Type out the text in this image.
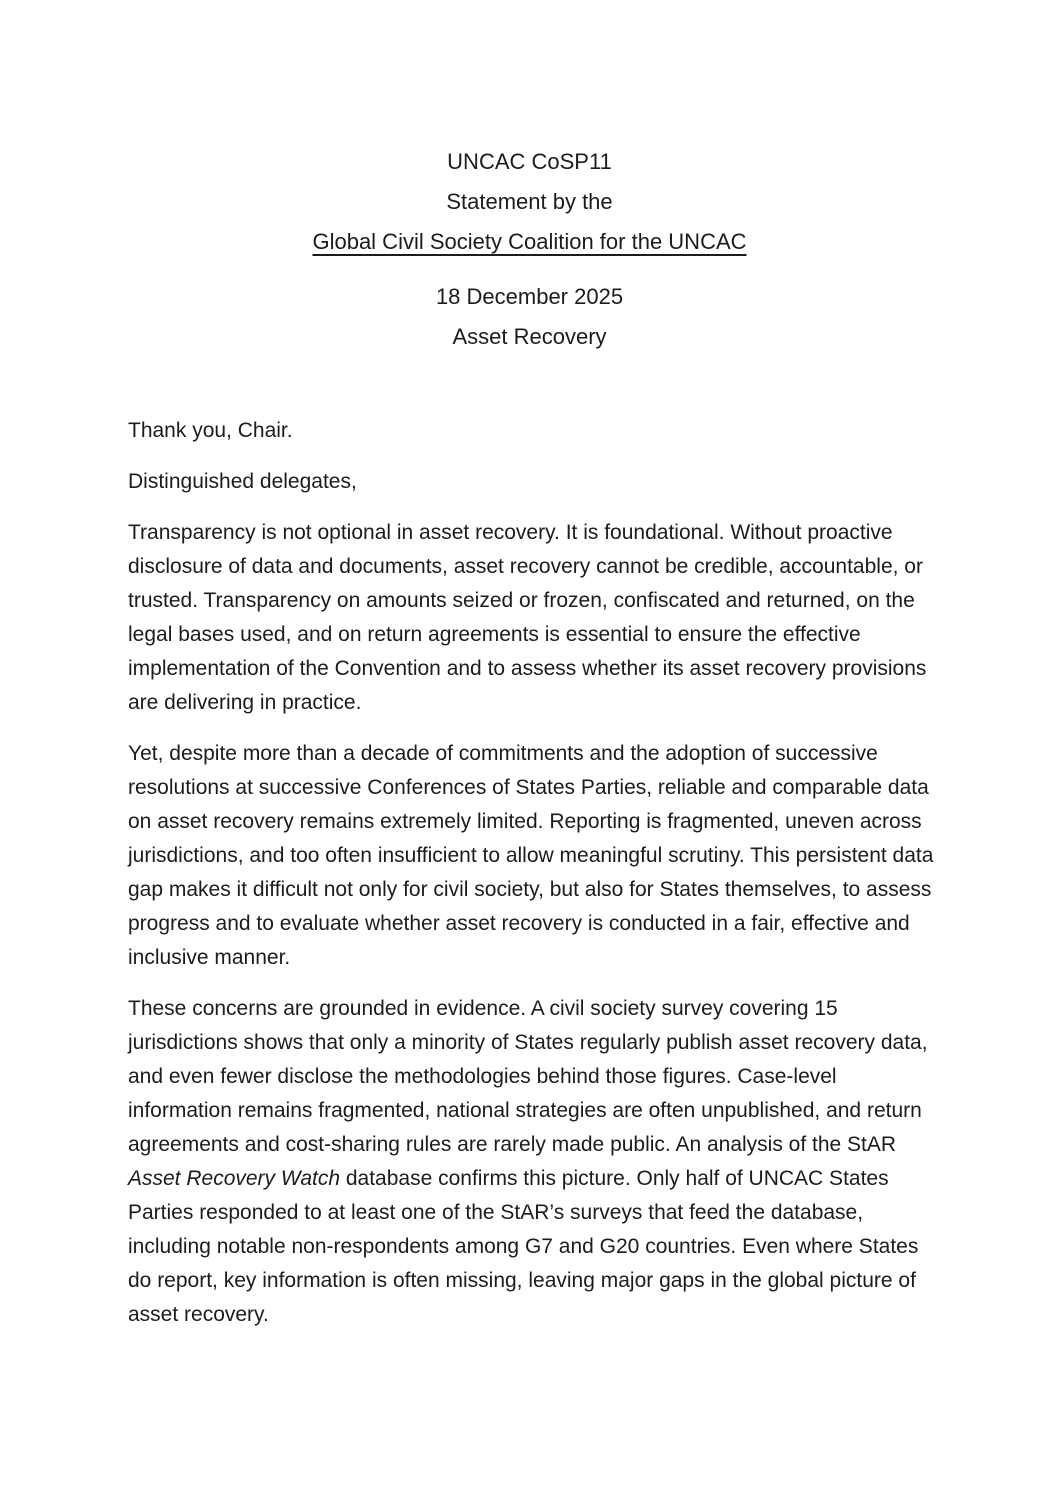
UNCAC CoSP11

Statement by the

Global Civil Society Coalition for the UNCAC

18 December 2025

Asset Recovery

Thank you, Chair.

Distinguished delegates,

Transparency is not optional in asset recovery. It is foundational. Without proactive disclosure of data and documents, asset recovery cannot be credible, accountable, or trusted. Transparency on amounts seized or frozen, confiscated and returned, on the legal bases used, and on return agreements is essential to ensure the effective implementation of the Convention and to assess whether its asset recovery provisions are delivering in practice.

Yet, despite more than a decade of commitments and the adoption of successive resolutions at successive Conferences of States Parties, reliable and comparable data on asset recovery remains extremely limited. Reporting is fragmented, uneven across jurisdictions, and too often insufficient to allow meaningful scrutiny. This persistent data gap makes it difficult not only for civil society, but also for States themselves, to assess progress and to evaluate whether asset recovery is conducted in a fair, effective and inclusive manner.

These concerns are grounded in evidence. A civil society survey covering 15 jurisdictions shows that only a minority of States regularly publish asset recovery data, and even fewer disclose the methodologies behind those figures. Case-level information remains fragmented, national strategies are often unpublished, and return agreements and cost-sharing rules are rarely made public. An analysis of the StAR Asset Recovery Watch database confirms this picture. Only half of UNCAC States Parties responded to at least one of the StAR’s surveys that feed the database, including notable non-respondents among G7 and G20 countries. Even where States do report, key information is often missing, leaving major gaps in the global picture of asset recovery.
